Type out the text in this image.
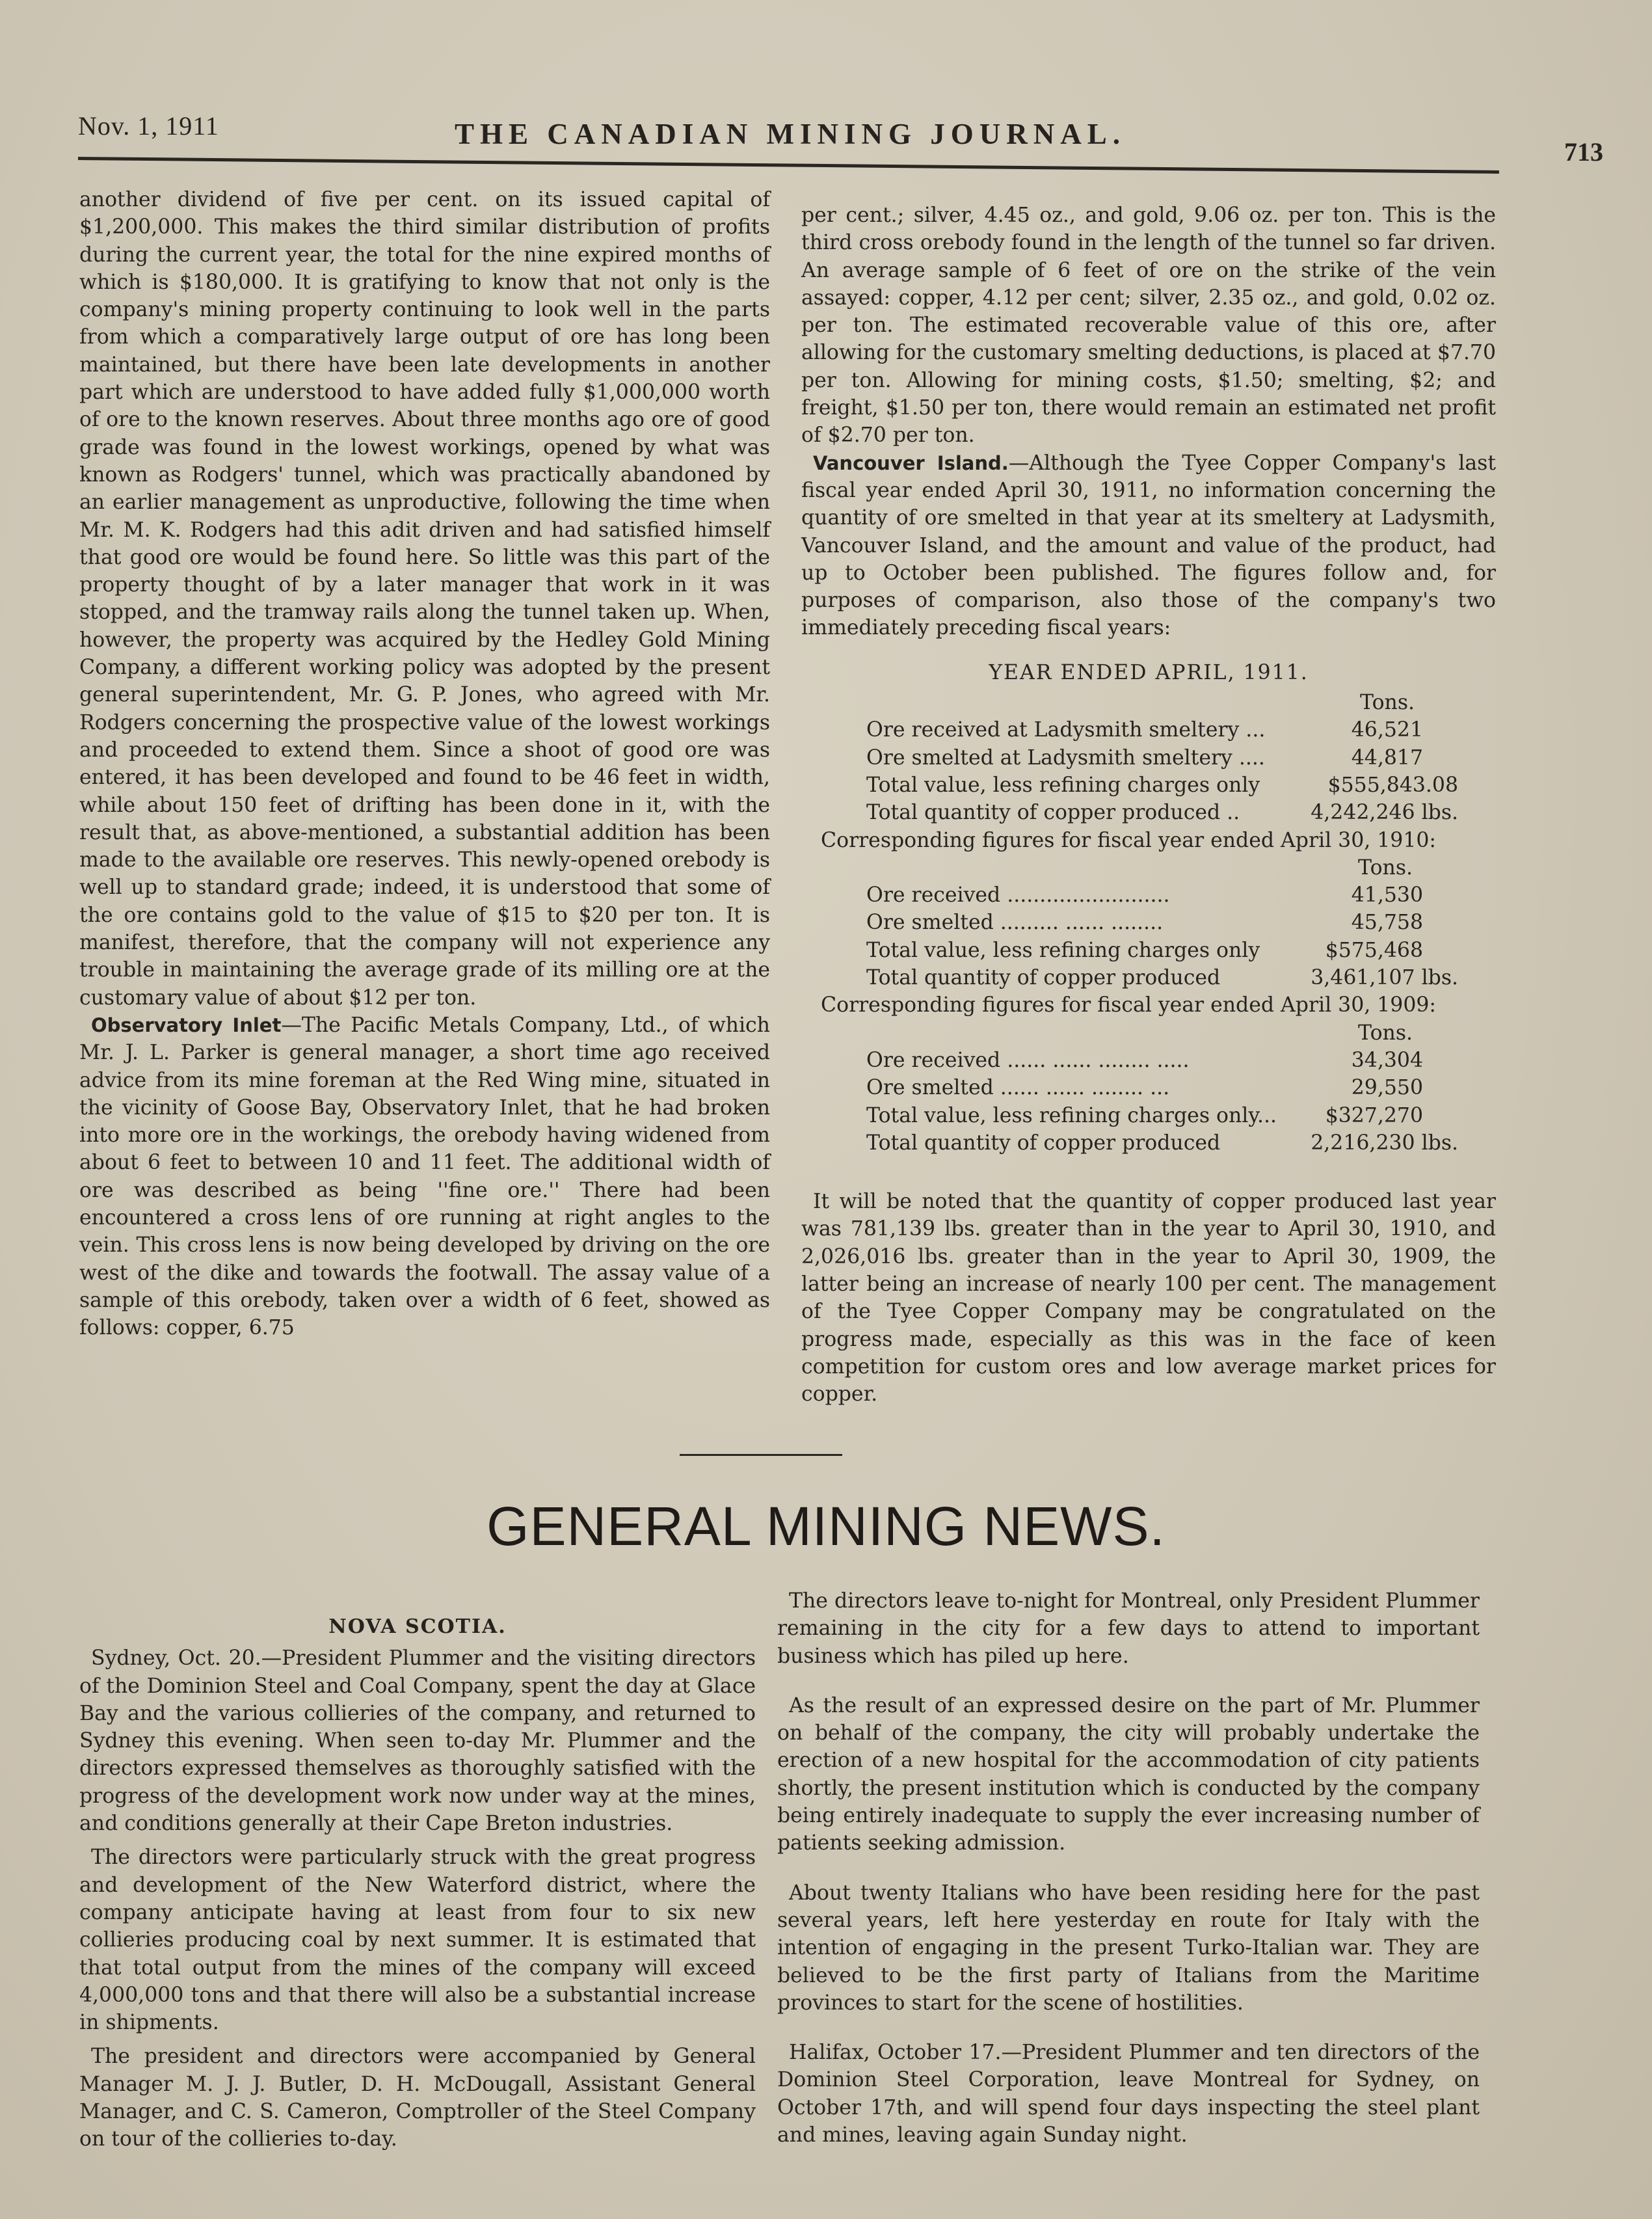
Nov. 1, 1911	THE CANADIAN MINING JOURNAL.
713

another dividend of five per cent. on its issued capital of $1,200,000. This makes the third similar distribution of profits during the current year, the total for the nine expired months of which is $180,000. It is gratifying to know that not only is the company's mining property continuing to look well in the parts from which a comparatively large output of ore has long been maintained, but there have been late developments in another part which are understood to have added fully $1,000,000 worth of ore to the known reserves. About three months ago ore of good grade was found in the lowest workings, opened by what was known as Rodgers' tunnel, which was practically abandoned by an earlier management as unproductive, following the time when Mr. M. K. Rodgers had this adit driven and had satisfied himself that good ore would be found here. So little was this part of the property thought of by a later manager that work in it was stopped, and the tramway rails along the tunnel taken up. When, however, the property was acquired by the Hedley Gold Mining Company, a different working policy was adopted by the present general superintendent, Mr. G. P. Jones, who agreed with Mr. Rodgers concerning the prospective value of the lowest workings and proceeded to extend them. Since a shoot of good ore was entered, it has been developed and found to be 46 feet in width, while about 150 feet of drifting has been done in it, with the result that, as above-mentioned, a substantial addition has been made to the available ore reserves. This newly-opened orebody is well up to standard grade; indeed, it is understood that some of the ore contains gold to the value of $15 to $20 per ton. It is manifest, therefore, that the company will not experience any trouble in maintaining the average grade of its milling ore at the customary value of about $12 per ton.

Observatory Inlet—The Pacific Metals Company, Ltd., of which Mr. J. L. Parker is general manager, a short time ago received advice from its mine foreman at the Red Wing mine, situated in the vicinity of Goose Bay, Observatory Inlet, that he had broken into more ore in the workings, the orebody having widened from about 6 feet to between 10 and 11 feet. The additional width of ore was described as being ''fine ore.'' There had been encountered a cross lens of ore running at right angles to the vein. This cross lens is now being developed by driving on the ore west of the dike and towards the footwall. The assay value of a sample of this orebody, taken over a width of 6 feet, showed as follows: copper, 6.75

per cent.; silver, 4.45 oz., and gold, 9.06 oz. per ton. This is the third cross orebody found in the length of the tunnel so far driven. An average sample of 6 feet of ore on the strike of the vein assayed: copper, 4.12 per cent; silver, 2.35 oz., and gold, 0.02 oz. per ton. The estimated recoverable value of this ore, after allowing for the customary smelting deductions, is placed at $7.70 per ton. Allowing for mining costs, $1.50; smelting, $2; and freight, $1.50 per ton, there would remain an estimated net profit of $2.70 per ton.

Vancouver Island.—Although the Tyee Copper Company's last fiscal year ended April 30, 1911, no information concerning the quantity of ore smelted in that year at its smeltery at Ladysmith, Vancouver Island, and the amount and value of the product, had up to October been published. The figures follow and, for purposes of comparison, also those of the company's two immediately preceding fiscal years:

YEAR ENDED APRIL, 1911.
Tons.
Ore received at Ladysmith smeltery ...	46,521
Ore smelted at Ladysmith smeltery ....	44,817
Total value, less refining charges only	$555,843.08
Total quantity of copper produced ..	4,242,246 lbs.
Corresponding figures for fiscal year ended April 30, 1910:
Tons.
Ore received .........................	41,530
Ore smelted ......... ...... ........	45,758
Total value, less refining charges only	$575,468
Total quantity of copper produced	3,461,107 lbs.
Corresponding figures for fiscal year ended April 30, 1909:
Tons.
Ore received ...... ...... ........ .....	34,304
Ore smelted ...... ...... ........ ...	29,550
Total value, less refining charges only... $327,270
Total quantity of copper produced	2,216,230 lbs.

It will be noted that the quantity of copper produced last year was 781,139 lbs. greater than in the year to April 30, 1910, and 2,026,016 lbs. greater than in the year to April 30, 1909, the latter being an increase of nearly 100 per cent. The management of the Tyee Copper Company may be congratulated on the progress made, especially as this was in the face of keen competition for custom ores and low average market prices for copper.

GENERAL MINING NEWS.
NOVA SCOTIA.

Sydney, Oct. 20.—President Plummer and the visiting directors of the Dominion Steel and Coal Company, spent the day at Glace Bay and the various collieries of the company, and returned to Sydney this evening. When seen to-day Mr. Plummer and the directors expressed themselves as thoroughly satisfied with the progress of the development work now under way at the mines, and conditions generally at their Cape Breton industries.

The directors were particularly struck with the great progress and development of the New Waterford district, where the company anticipate having at least from four to six new collieries producing coal by next summer. It is estimated that that total output from the mines of the company will exceed 4,000,000 tons and that there will also be a substantial increase in shipments.

The president and directors were accompanied by General Manager M. J. J. Butler, D. H. McDougall, Assistant General Manager, and C. S. Cameron, Comptroller of the Steel Company on tour of the collieries to-day.

The directors leave to-night for Montreal, only President Plummer remaining in the city for a few days to attend to important business which has piled up here.

As the result of an expressed desire on the part of Mr. Plummer on behalf of the company, the city will probably undertake the erection of a new hospital for the accommodation of city patients shortly, the present institution which is conducted by the company being entirely inadequate to supply the ever increasing number of patients seeking admission.

About twenty Italians who have been residing here for the past several years, left here yesterday en route for Italy with the intention of engaging in the present Turko-Italian war. They are believed to be the first party of Italians from the Maritime provinces to start for the scene of hostilities.

Halifax, October 17.—President Plummer and ten directors of the Dominion Steel Corporation, leave Montreal for Sydney, on October 17th, and will spend four days inspecting the steel plant and mines, leaving again Sunday night.
